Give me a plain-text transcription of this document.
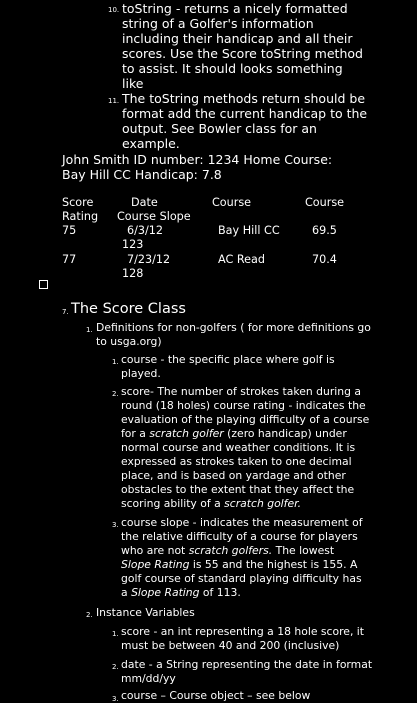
10. toString - returns a nicely formatted
string of a Golfer's information
including their handicap and all their
scores. Use the Score toString method
to assist. It should looks something
like
11. The toString methods return should be
format add the current handicap to the
output. See Bowler class for an
example.
John Smith ID number: 1234 Home Course:
Bay Hill CC Handicap: 7.8
Score	Date	Course	Course
Rating Course Slope
75	6/3/12	Bay Hill CC	69.5
123
77	7/23/12	AC Read	70.4
128
7. The Score Class
1. Definitions for non-golfers ( for more definitions go
to usga.org)
1. course - the specific place where golf is
played.
2. score- The number of strokes taken during a
round (18 holes) course rating - indicates the
evaluation of the playing difficulty of a course
for a scratch golfer (zero handicap) under
normal course and weather conditions. It is
expressed as strokes taken to one decimal
place, and is based on yardage and other
obstacles to the extent that they affect the
scoring ability of a scratch golfer.
3. course slope - indicates the measurement of
the relative difficulty of a course for players
who are not scratch golfers. The lowest
Slope Rating is 55 and the highest is 155. A
golf course of standard playing difficulty has
a Slope Rating of 113.
2. Instance Variables
1. score - an int representing a 18 hole score, it
must be between 40 and 200 (inclusive)
2. date - a String representing the date in format
mm/dd/yy
3. course – Course object – see below
